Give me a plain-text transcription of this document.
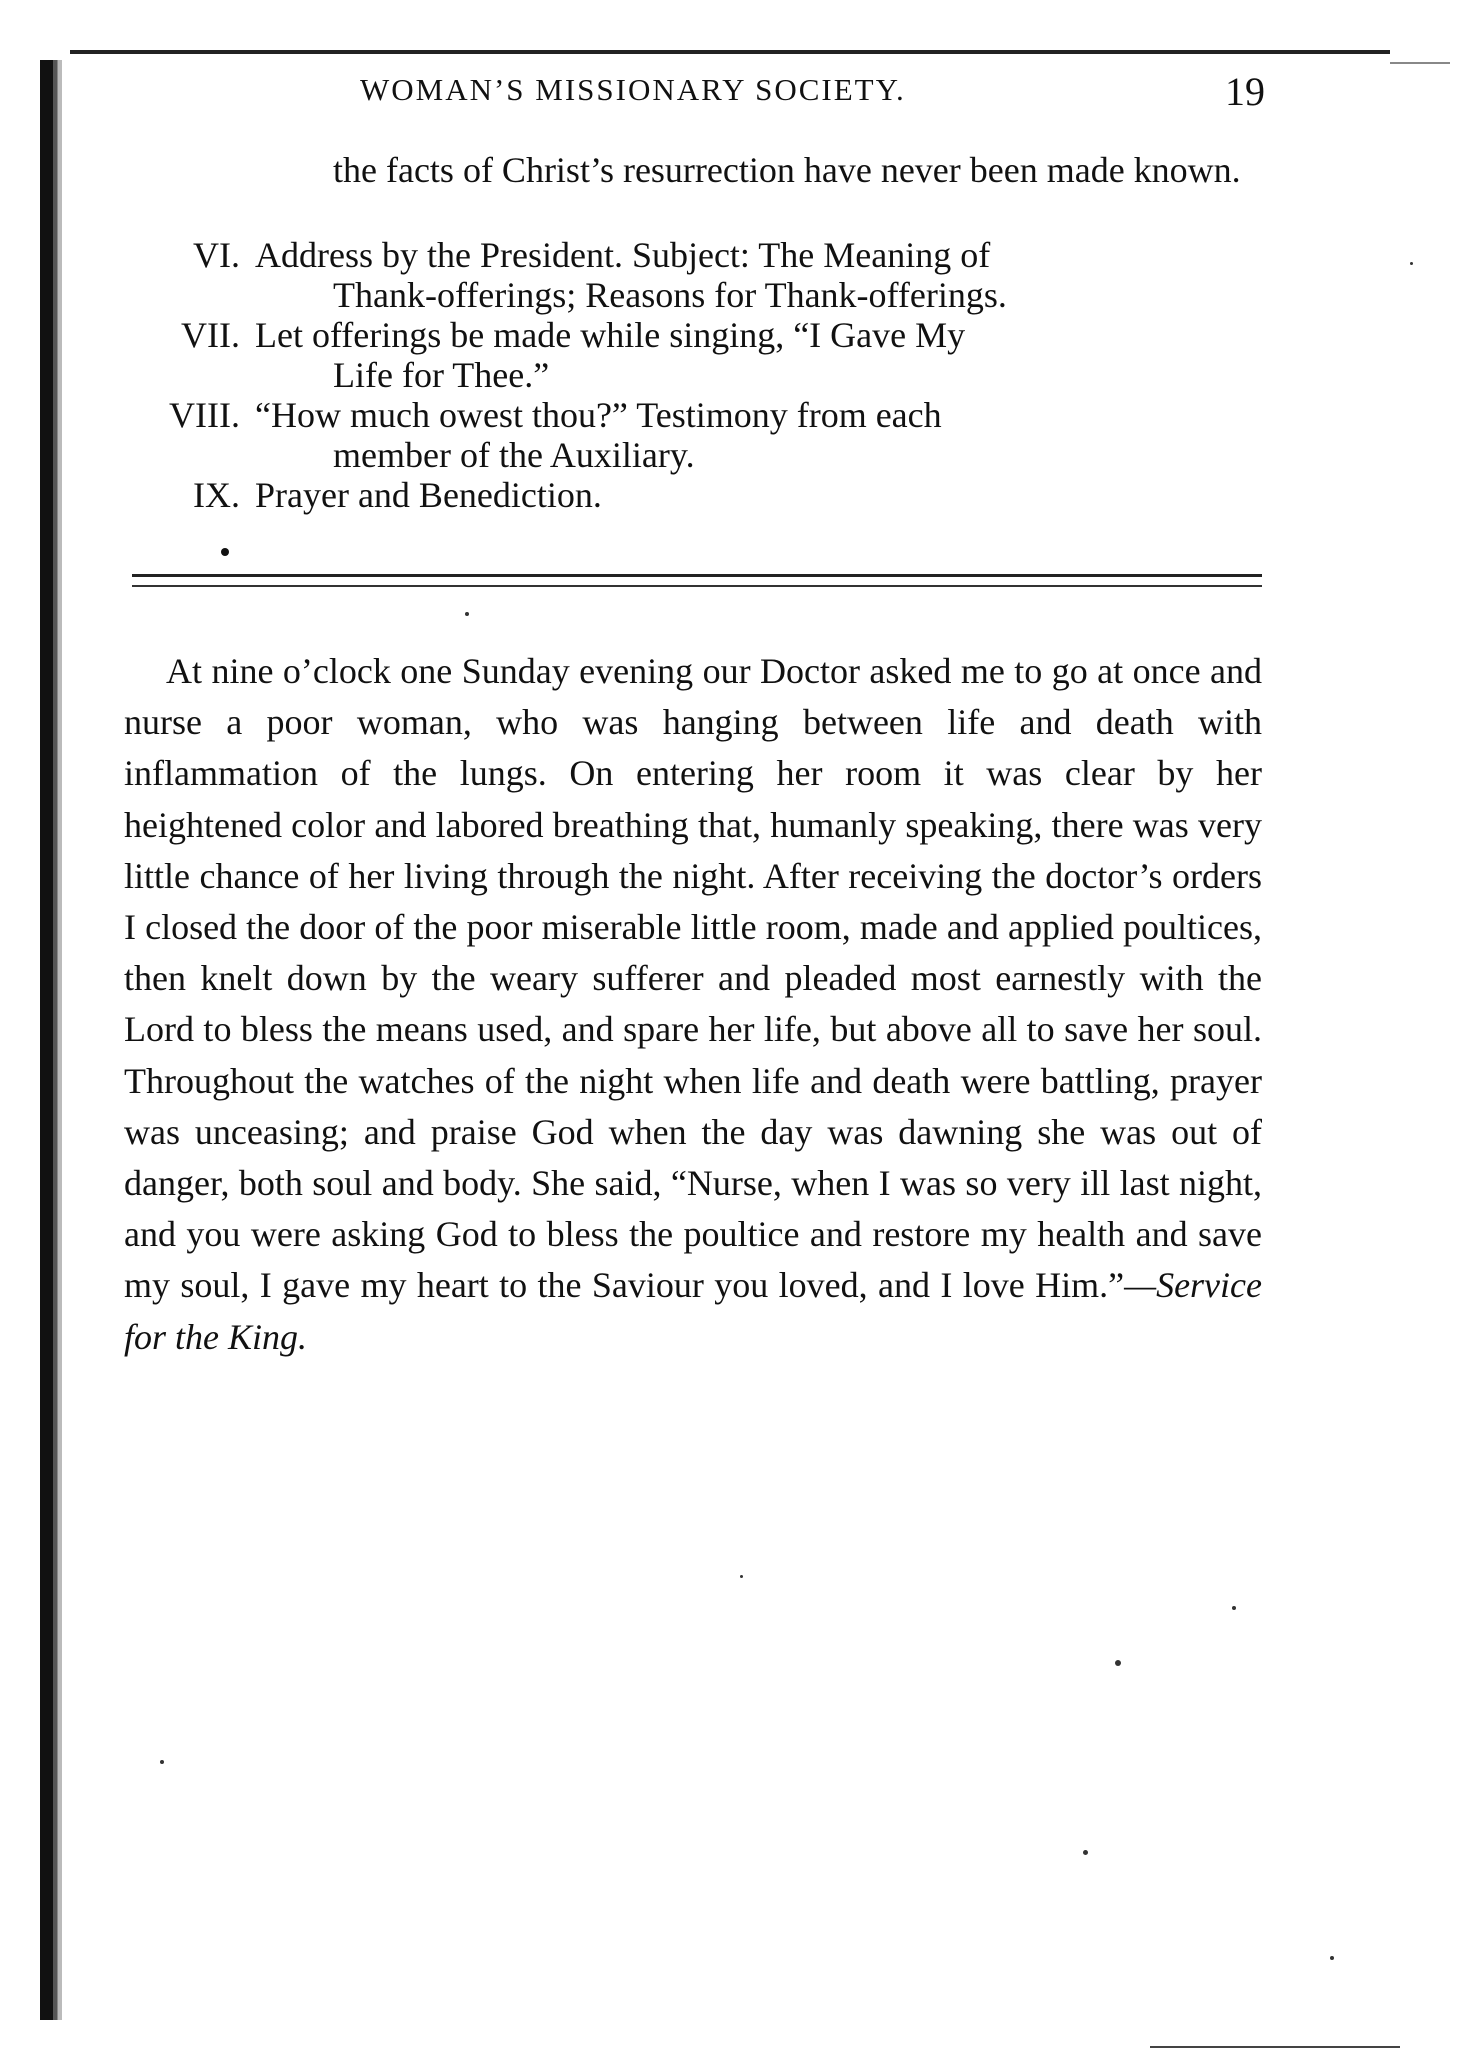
WOMAN’S MISSIONARY SOCIETY.	19
the facts of Christ’s resurrection have never been made known.
VI. Address by the President. Subject: The Meaning of
Thank-offerings; Reasons for Thank-offerings.
VII. Let offerings be made while singing, “I Gave My
Life for Thee.”
VIII. “How much owest thou?” Testimony from each
member of the Auxiliary.
IX. Prayer and Benediction.

At nine o’clock one Sunday evening our Doctor asked me to go at once and nurse a poor woman, who was hanging between life and death with inflammation of the lungs. On entering her room it was clear by her heightened color and labored breathing that, humanly speaking, there was very little chance of her living through the night. After receiving the doctor’s orders I closed the door of the poor miserable little room, made and applied poultices, then knelt down by the weary sufferer and pleaded most earnestly with the Lord to bless the means used, and spare her life, but above all to save her soul. Throughout the watches of the night when life and death were battling, prayer was unceasing; and praise God when the day was dawning she was out of danger, both soul and body. She said, “Nurse, when I was so very ill last night, and you were asking God to bless the poultice and restore my health and save my soul, I gave my heart to the Saviour you loved, and I love Him.”—Service for the King.
